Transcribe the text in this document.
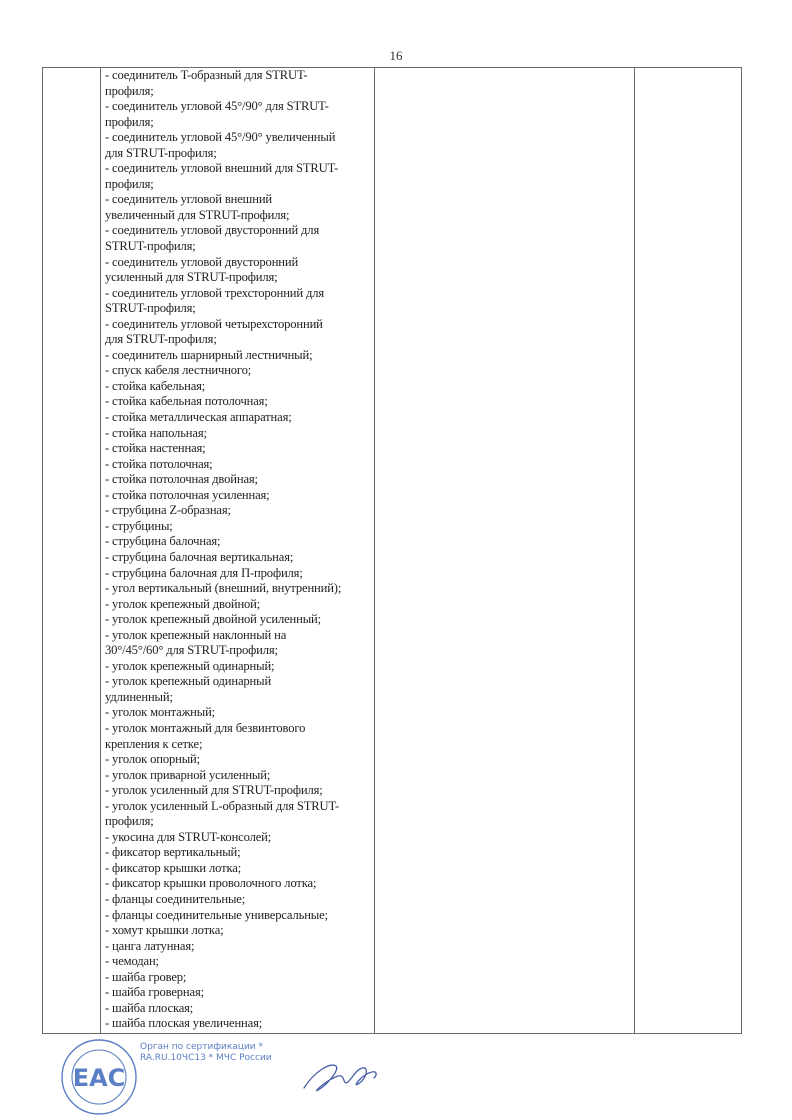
16
- соединитель T-образный для STRUT-
профиля;
- соединитель угловой 45°/90° для STRUT-
профиля;
- соединитель угловой 45°/90° увеличенный
для STRUT-профиля;
- соединитель угловой внешний для STRUT-
профиля;
- соединитель угловой внешний
увеличенный для STRUT-профиля;
- соединитель угловой двусторонний для
STRUT-профиля;
- соединитель угловой двусторонний
усиленный для STRUT-профиля;
- соединитель угловой трехсторонний для
STRUT-профиля;
- соединитель угловой четырехсторонний
для STRUT-профиля;
- соединитель шарнирный лестничный;
- спуск кабеля лестничного;
- стойка кабельная;
- стойка кабельная потолочная;
- стойка металлическая аппаратная;
- стойка напольная;
- стойка настенная;
- стойка потолочная;
- стойка потолочная двойная;
- стойка потолочная усиленная;
- струбцина Z-образная;
- струбцины;
- струбцина балочная;
- струбцина балочная вертикальная;
- струбцина балочная для П-профиля;
- угол вертикальный (внешний, внутренний);
- уголок крепежный двойной;
- уголок крепежный двойной усиленный;
- уголок крепежный наклонный на
30°/45°/60° для STRUT-профиля;
- уголок крепежный одинарный;
- уголок крепежный одинарный
удлиненный;
- уголок монтажный;
- уголок монтажный для безвинтового
крепления к сетке;
- уголок опорный;
- уголок приварной усиленный;
- уголок усиленный для STRUT-профиля;
- уголок усиленный L-образный для STRUT-
профиля;
- укосина для STRUT-консолей;
- фиксатор вертикальный;
- фиксатор крышки лотка;
- фиксатор крышки проволочного лотка;
- фланцы соединительные;
- фланцы соединительные универсальные;
- хомут крышки лотка;
- цанга латунная;
- чемодан;
- шайба гровер;
- шайба гроверная;
- шайба плоская;
- шайба плоская увеличенная;
ЕАС
Орган по сертификации * RA.RU.10ЧС13 * МЧС России
